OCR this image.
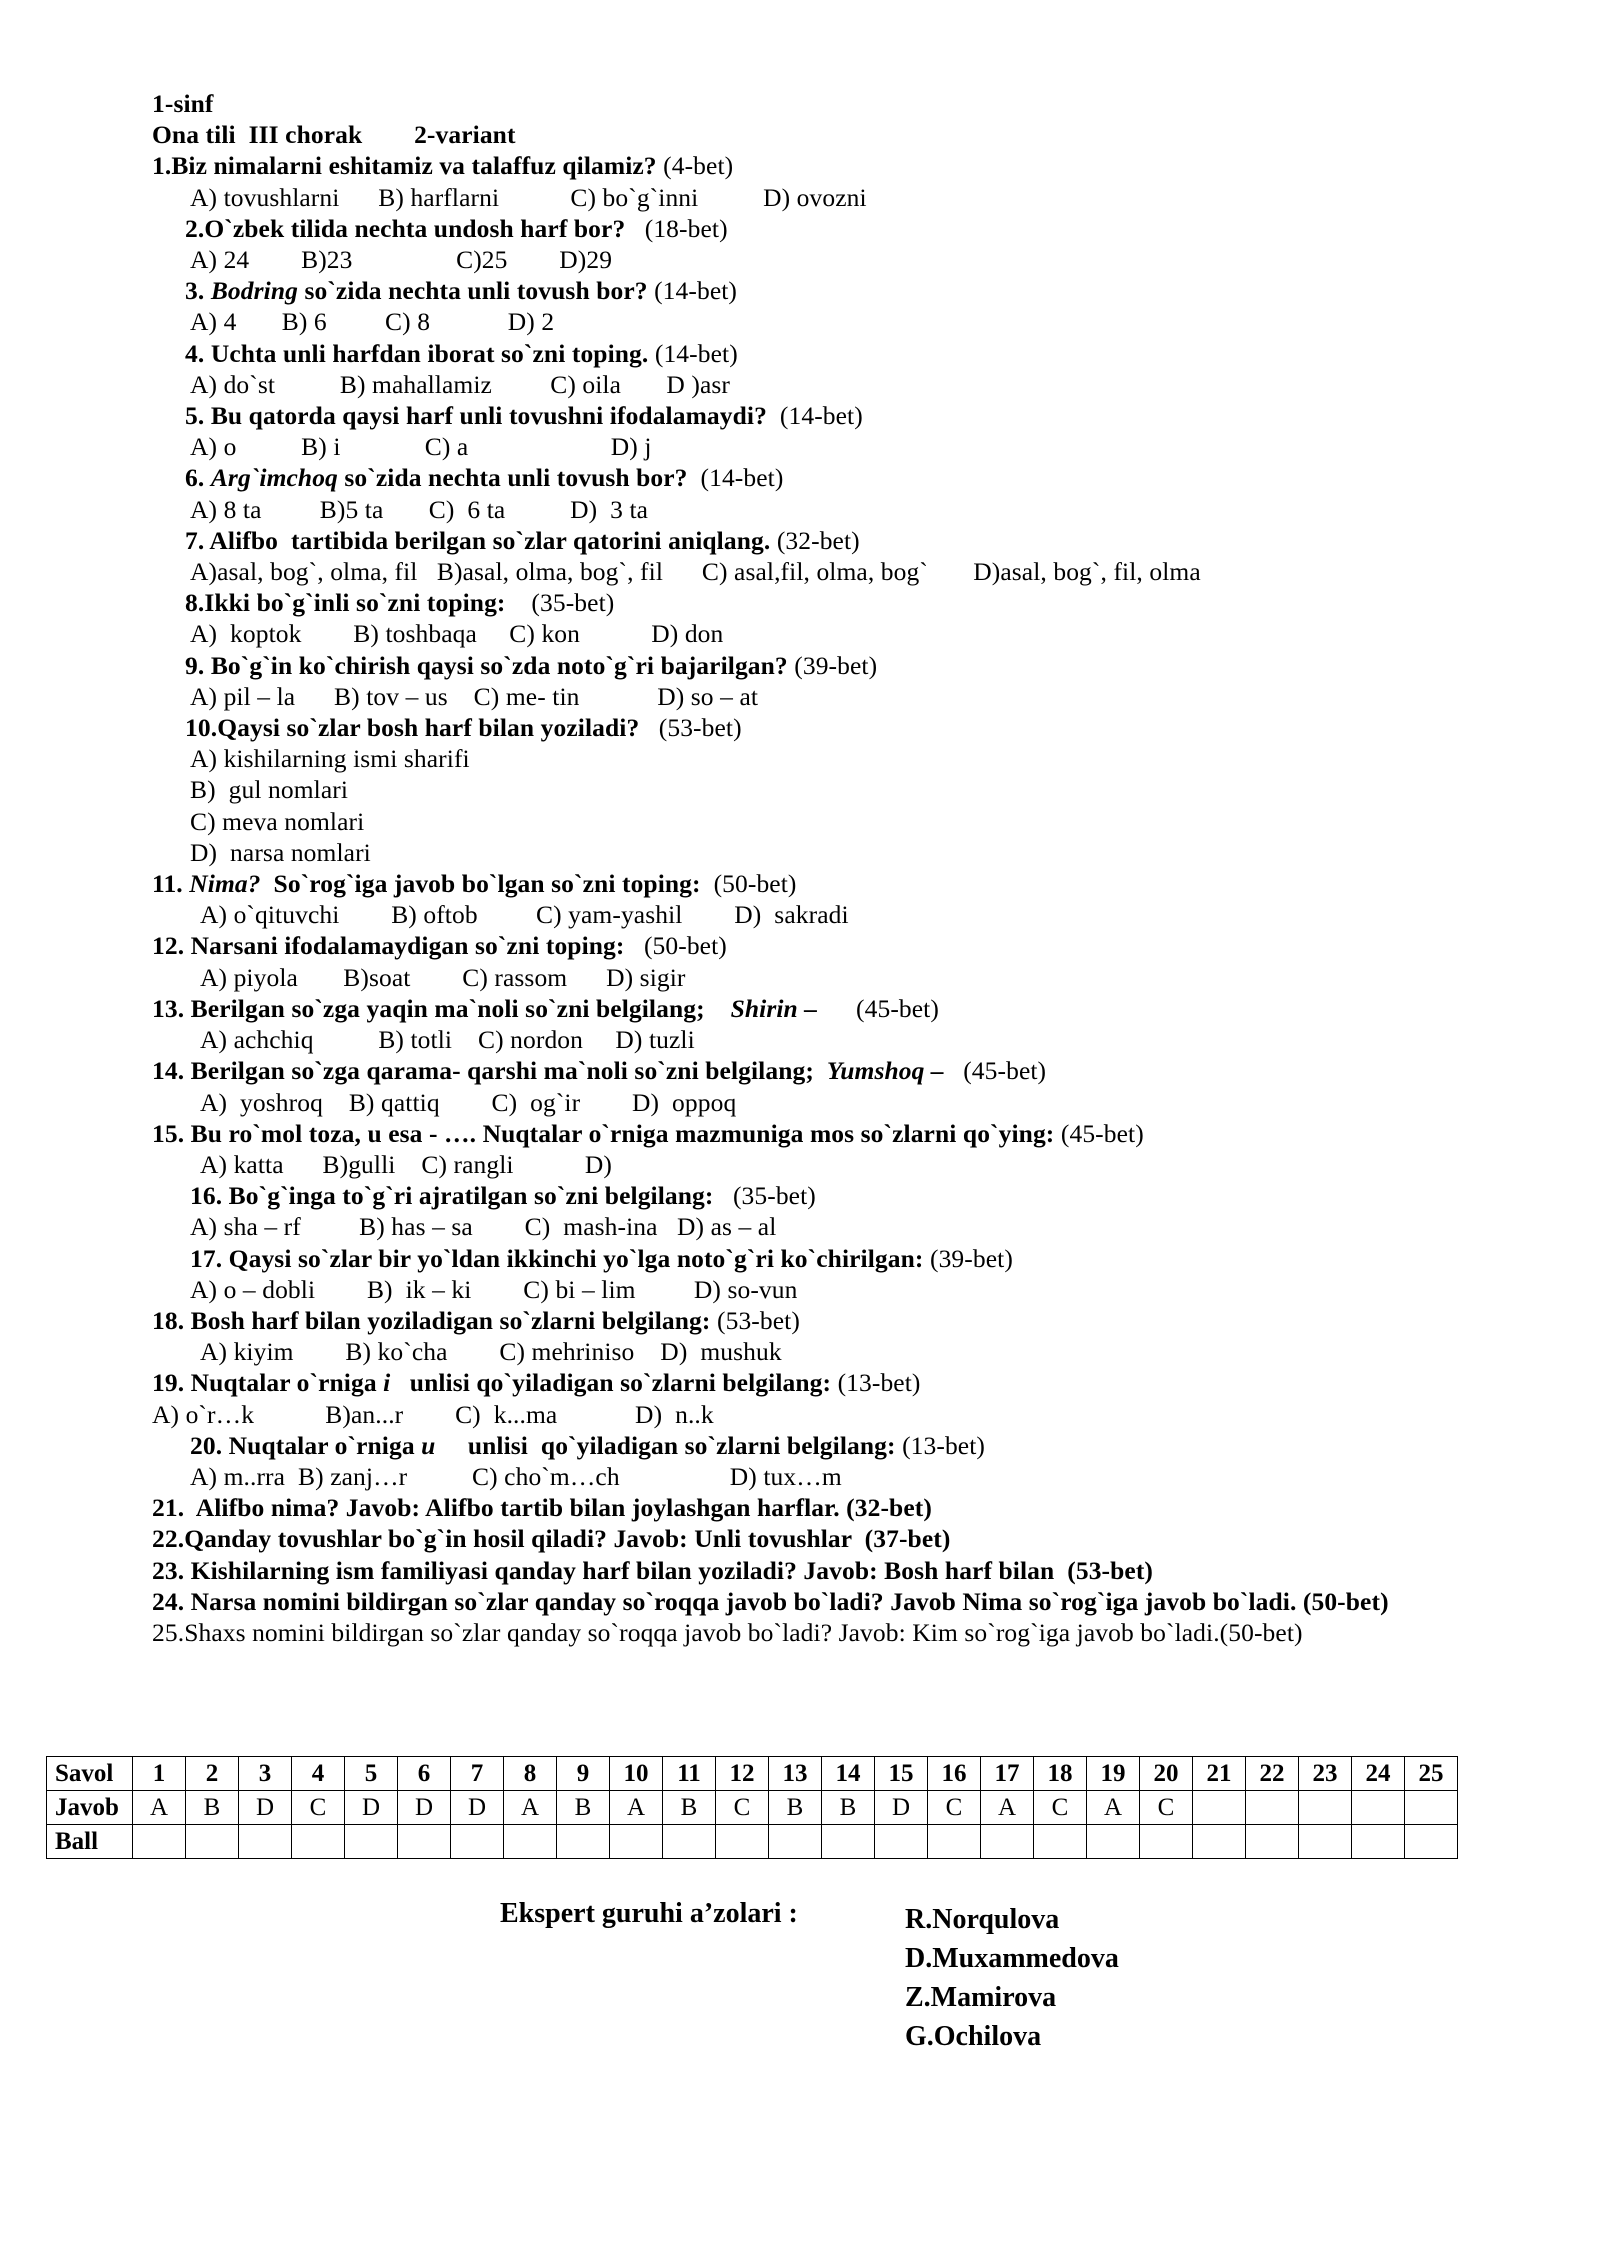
1-sinf
Ona tili  III chorak        2-variant
1.Biz nimalarni eshitamiz va talaffuz qilamiz? (4-bet)
A) tovushlarni      B) harflarni           C) bo`g`inni          D) ovozni
2.O`zbek tilida nechta undosh harf bor? (18-bet)
A) 24        B)23                C)25        D)29
3. Bodring so`zida nechta unli tovush bor? (14-bet)
A) 4       B) 6         C) 8            D) 2
4. Uchta unli harfdan iborat so`zni toping. (14-bet)
A) do`st          B) mahallamiz         C) oila       D )asr
5. Bu qatorda qaysi harf unli tovushni ifodalamaydi? (14-bet)
A) o          B) i             C) a                      D) j
6. Arg`imchoq so`zida nechta unli tovush bor? (14-bet)
A) 8 ta         B)5 ta       C)  6 ta          D)  3 ta
7. Alifbo  tartibida berilgan so`zlar qatorini aniqlang. (32-bet)
A)asal, bog`, olma, fil   B)asal, olma, bog`, fil      C) asal,fil, olma, bog`       D)asal, bog`, fil, olma
8.Ikki bo`g`inli so`zni toping: (35-bet)
A)  koptok        B) toshbaqa     C) kon           D) don
9. Bo`g`in ko`chirish qaysi so`zda noto`g`ri bajarilgan? (39-bet)
A) pil – la      B) tov – us    C) me- tin            D) so – at
10.Qaysi so`zlar bosh harf bilan yoziladi? (53-bet)
A) kishilarning ismi sharifi
B)  gul nomlari
C) meva nomlari
D)  narsa nomlari
11. Nima?  So`rog`iga javob bo`lgan so`zni toping: (50-bet)
A) o`qituvchi        B) oftob         C) yam-yashil        D)  sakradi
12. Narsani ifodalamaydigan so`zni toping: (50-bet)
A) piyola       B)soat        C) rassom      D) sigir
13. Berilgan so`zga yaqin ma`noli so`zni belgilang; Shirin – (45-bet)
A) achchiq          B) totli    C) nordon     D) tuzli
14. Berilgan so`zga qarama- qarshi ma`noli so`zni belgilang; Yumshoq – (45-bet)
A)  yoshroq    B) qattiq        C)  og`ir        D)  oppoq
15. Bu ro`mol toza, u esa - …. Nuqtalar o`rniga mazmuniga mos so`zlarni qo`ying: (45-bet)
A) katta      B)gulli    C) rangli           D)
16. Bo`g`inga to`g`ri ajratilgan so`zni belgilang: (35-bet)
A) sha – rf         B) has – sa        C)  mash-ina   D) as – al
17. Qaysi so`zlar bir yo`ldan ikkinchi yo`lga noto`g`ri ko`chirilgan: (39-bet)
A) o – dobli        B)  ik – ki        C) bi – lim         D) so-vun
18. Bosh harf bilan yoziladigan so`zlarni belgilang: (53-bet)
A) kiyim        B) ko`cha        C) mehriniso    D)  mushuk
19. Nuqtalar o`rniga i   unlisi qo`yiladigan so`zlarni belgilang: (13-bet)
A) o`r…k           B)an...r        C)  k...ma            D)  n..k
20. Nuqtalar o`rniga u     unlisi  qo`yiladigan so`zlarni belgilang: (13-bet)
A) m..rra  B) zanj…r          C) cho`m…ch                 D) tux…m
21.  Alifbo nima? Javob: Alifbo tartib bilan joylashgan harflar. (32-bet)
22.Qanday tovushlar bo`g`in hosil qiladi? Javob: Unli tovushlar  (37-bet)
23. Kishilarning ism familiyasi qanday harf bilan yoziladi? Javob: Bosh harf bilan  (53-bet)
24. Narsa nomini bildirgan so`zlar qanday so`roqqa javob bo`ladi? Javob Nima so`rog`iga javob bo`ladi. (50-bet)
25.Shaxs nomini bildirgan so`zlar qanday so`roqqa javob bo`ladi? Javob: Kim so`rog`iga javob bo`ladi.(50-bet)
Savol	1	2	3	4	5	6	7	8	9	10	11	12	13	14	15	16	17	18	19	20	21	22	23	24	25
Javob	A	B	D	C	D	D	D	A	B	A	B	C	B	B	D	C	A	C	A	C					
Ball																									
Ekspert guruhi a’zolari :	R.Norqulova
D.Muxammedova
Z.Mamirova
G.Ochilova
